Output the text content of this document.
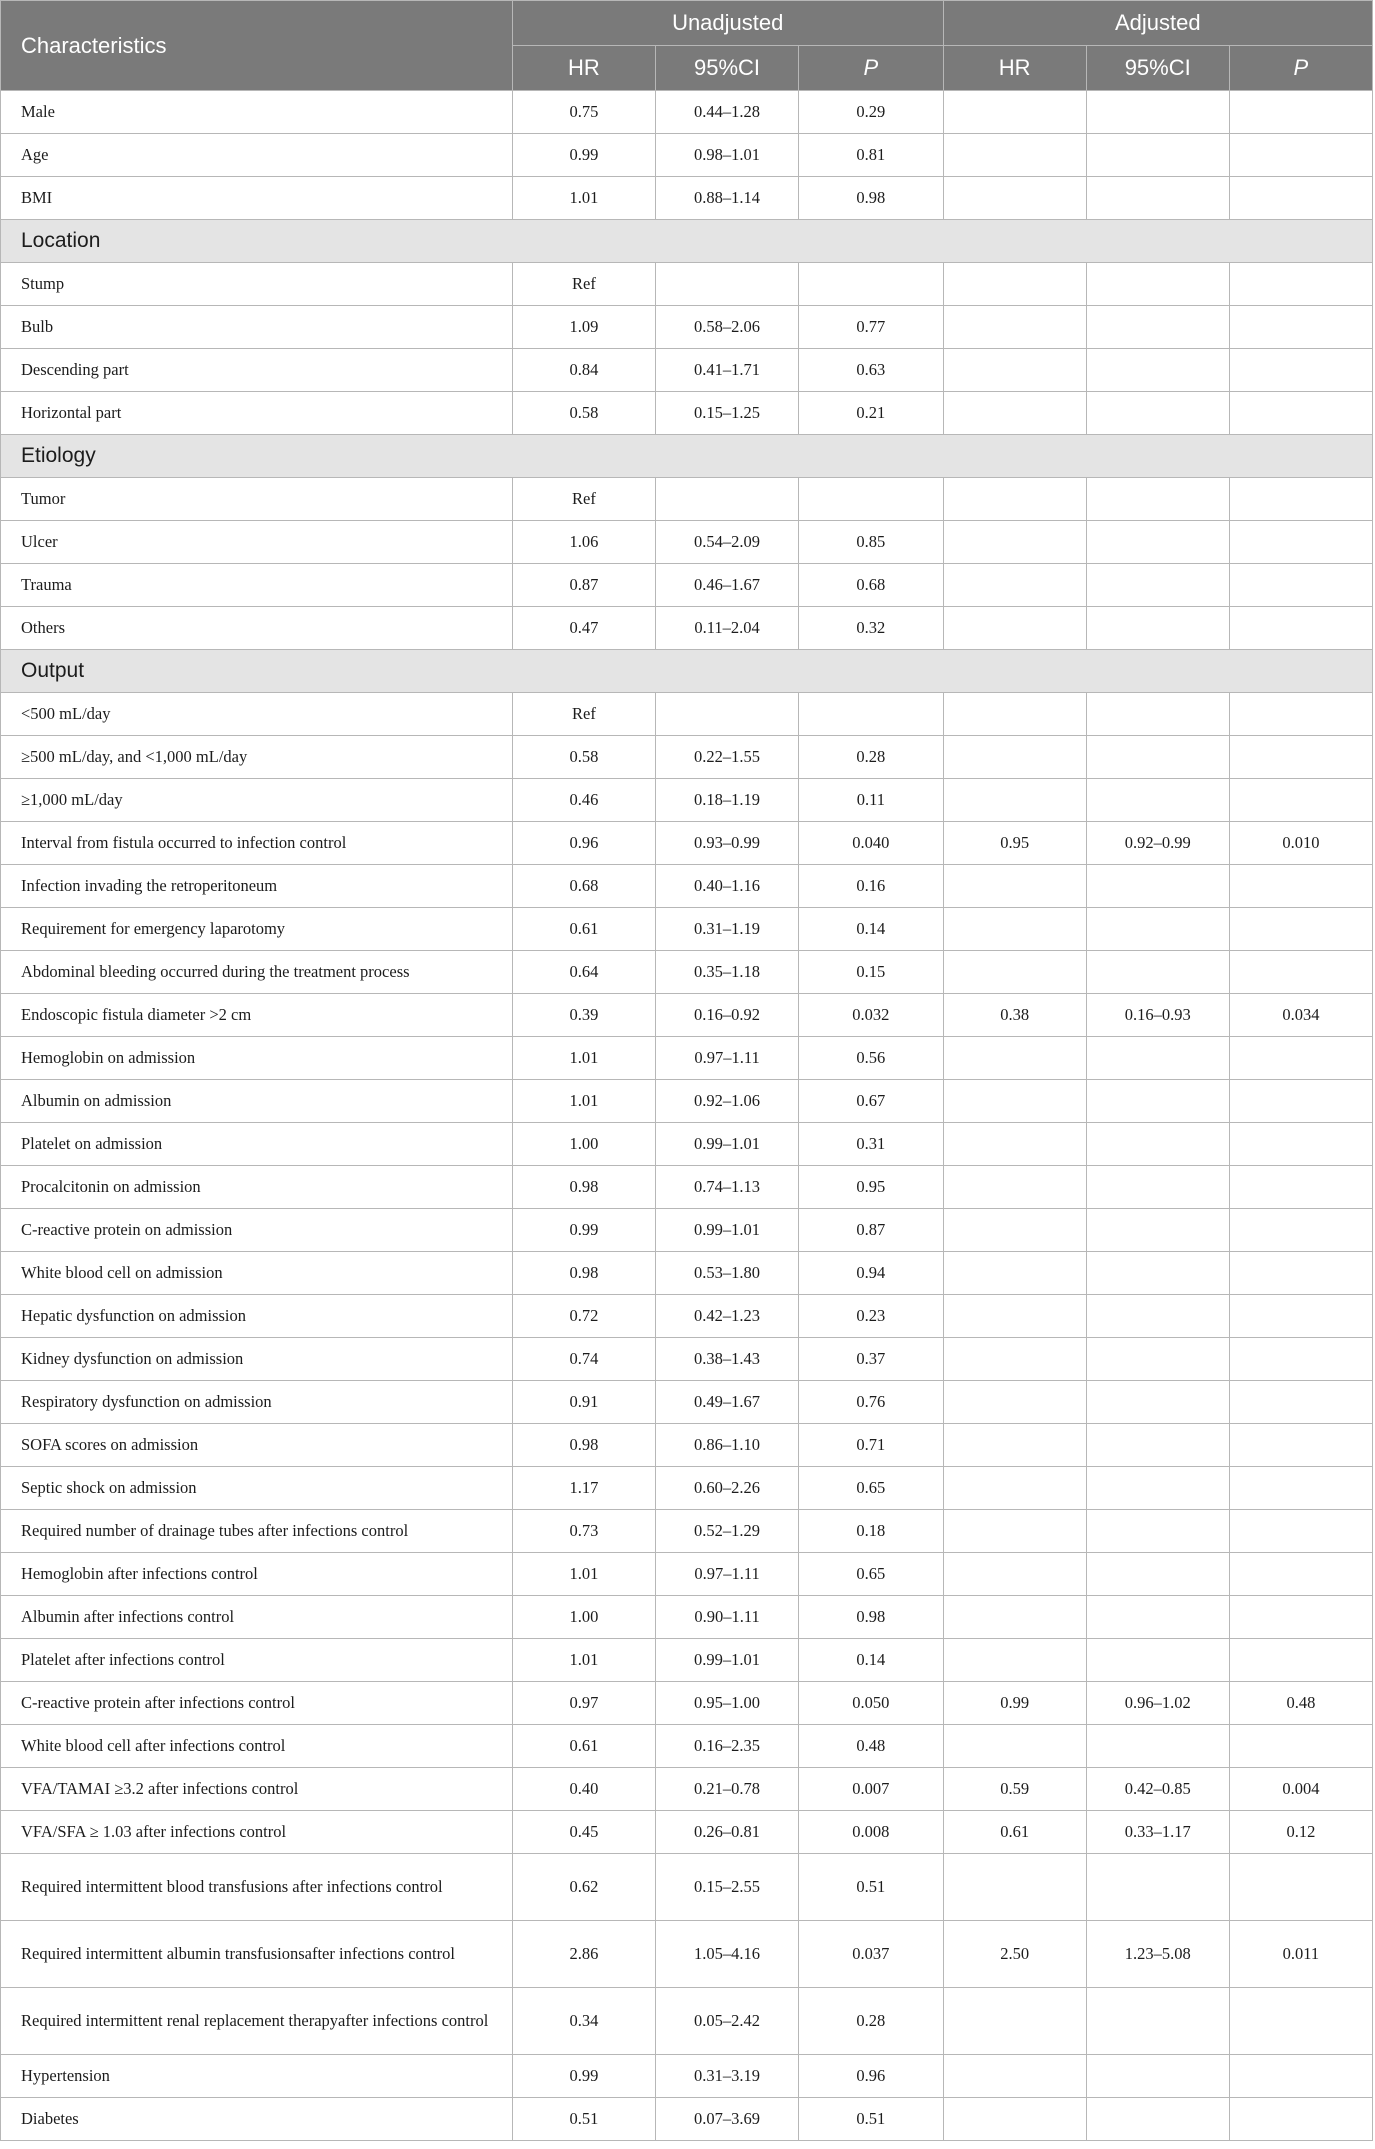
Characteristics	Unadjusted			Adjusted		
	HR	95%CI	P	HR	95%CI	P
Male	0.75	0.44–1.28	0.29			
Age	0.99	0.98–1.01	0.81			
BMI	1.01	0.88–1.14	0.98			
Location						
Stump	Ref					
Bulb	1.09	0.58–2.06	0.77			
Descending part	0.84	0.41–1.71	0.63			
Horizontal part	0.58	0.15–1.25	0.21			
Etiology						
Tumor	Ref					
Ulcer	1.06	0.54–2.09	0.85			
Trauma	0.87	0.46–1.67	0.68			
Others	0.47	0.11–2.04	0.32			
Output						
<500 mL/day	Ref					
≥500 mL/day, and <1,000 mL/day	0.58	0.22–1.55	0.28			
≥1,000 mL/day	0.46	0.18–1.19	0.11			
Interval from fistula occurred to infection control	0.96	0.93–0.99	0.040	0.95	0.92–0.99	0.010
Infection invading the retroperitoneum	0.68	0.40–1.16	0.16			
Requirement for emergency laparotomy	0.61	0.31–1.19	0.14			
Abdominal bleeding occurred during the treatment process	0.64	0.35–1.18	0.15			
Endoscopic fistula diameter >2 cm	0.39	0.16–0.92	0.032	0.38	0.16–0.93	0.034
Hemoglobin on admission	1.01	0.97–1.11	0.56			
Albumin on admission	1.01	0.92–1.06	0.67			
Platelet on admission	1.00	0.99–1.01	0.31			
Procalcitonin on admission	0.98	0.74–1.13	0.95			
C-reactive protein on admission	0.99	0.99–1.01	0.87			
White blood cell on admission	0.98	0.53–1.80	0.94			
Hepatic dysfunction on admission	0.72	0.42–1.23	0.23			
Kidney dysfunction on admission	0.74	0.38–1.43	0.37			
Respiratory dysfunction on admission	0.91	0.49–1.67	0.76			
SOFA scores on admission	0.98	0.86–1.10	0.71			
Septic shock on admission	1.17	0.60–2.26	0.65			
Required number of drainage tubes after infections control	0.73	0.52–1.29	0.18			
Hemoglobin after infections control	1.01	0.97–1.11	0.65			
Albumin after infections control	1.00	0.90–1.11	0.98			
Platelet after infections control	1.01	0.99–1.01	0.14			
C-reactive protein after infections control	0.97	0.95–1.00	0.050	0.99	0.96–1.02	0.48
White blood cell after infections control	0.61	0.16–2.35	0.48			
VFA/TAMAI ≥3.2 after infections control	0.40	0.21–0.78	0.007	0.59	0.42–0.85	0.004
VFA/SFA ≥ 1.03 after infections control	0.45	0.26–0.81	0.008	0.61	0.33–1.17	0.12
Required intermittent blood transfusions after infections control	0.62	0.15–2.55	0.51			
Required intermittent albumin transfusionsafter infections control	2.86	1.05–4.16	0.037	2.50	1.23–5.08	0.011
Required intermittent renal replacement therapyafter infections control	0.34	0.05–2.42	0.28			
Hypertension	0.99	0.31–3.19	0.96			
Diabetes	0.51	0.07–3.69	0.51			
